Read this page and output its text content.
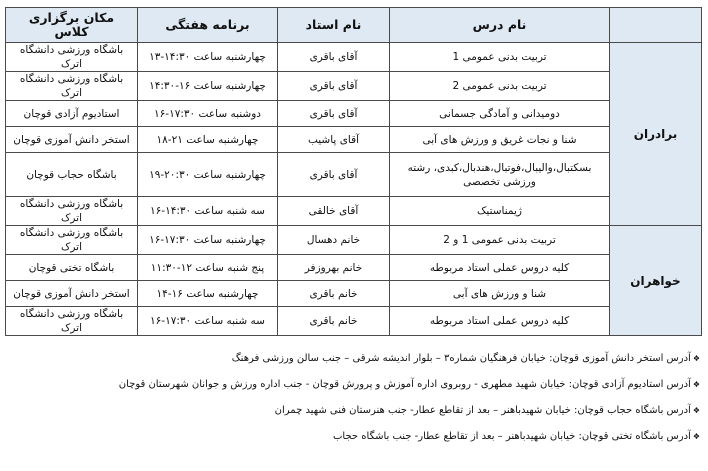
	نام درس	نام استاد	برنامه هفتگی	مکان برگزاری کلاس
برادران	تربیت بدنی عمومی 1	آقای باقری	چهارشنبه ساعت ۱۴:۳۰-۱۳	باشگاه ورزشی دانشگاه اترک
	تربیت بدنی عمومی 2	آقای باقری	چهارشنبه ساعت ۱۶-۱۴:۳۰	باشگاه ورزشی دانشگاه اترک
	دومیدانی و آمادگی جسمانی	آقای باقری	دوشنبه ساعت ۱۷:۳۰-۱۶	استادیوم آزادی قوچان
	شنا و نجات غریق و ورزش های آبی	آقای پاشیب	چهارشنبه ساعت ۲۱-۱۸	استخر دانش آموزی قوچان
	بسکتبال،والیبال،فوتبال،هندبال،کبدی، رشته ورزشی تخصصی	آقای باقری	چهارشنبه ساعت ۲۰:۳۰-۱۹	باشگاه حجاب قوچان
	ژیمناستیک	آقای خالقی	سه شنبه ساعت ۱۴:۳۰-۱۶	باشگاه ورزشی دانشگاه اترک
خواهران	تربیت بدنی عمومی 1 و 2	خانم دهسال	چهارشنبه ساعت ۱۷:۳۰-۱۶	باشگاه ورزشی دانشگاه اترک
	کلیه دروس عملی استاد مربوطه	خانم بهروزفر	پنج شنبه ساعت ۱۲-۱۱:۳۰	باشگاه تختی قوچان
	شنا و ورزش های آبی	خانم باقری	چهارشنبه ساعت ۱۶-۱۴	استخر دانش آموزی قوچان
	کلیه دروس عملی استاد مربوطه	خانم باقری	سه شنبه ساعت ۱۷:۳۰-۱۶	باشگاه ورزشی دانشگاه اترک
❖آدرس استخر دانش آموزی قوچان: خیابان فرهنگیان شماره۳ – بلوار اندیشه شرقی – جنب سالن ورزشی فرهنگ
❖آدرس استادیوم آزادی قوچان: خیابان شهید مطهری - روبروی اداره آموزش و پرورش قوچان - جنب اداره ورزش و جوانان شهرستان قوچان
❖آدرس باشگاه حجاب قوچان: خیابان شهیدباهنر – بعد از تقاطع عطار- جنب هنرستان فنی شهید چمران
❖آدرس باشگاه تختی قوچان: خیابان شهیدباهنر – بعد از تقاطع عطار- جنب باشگاه حجاب
